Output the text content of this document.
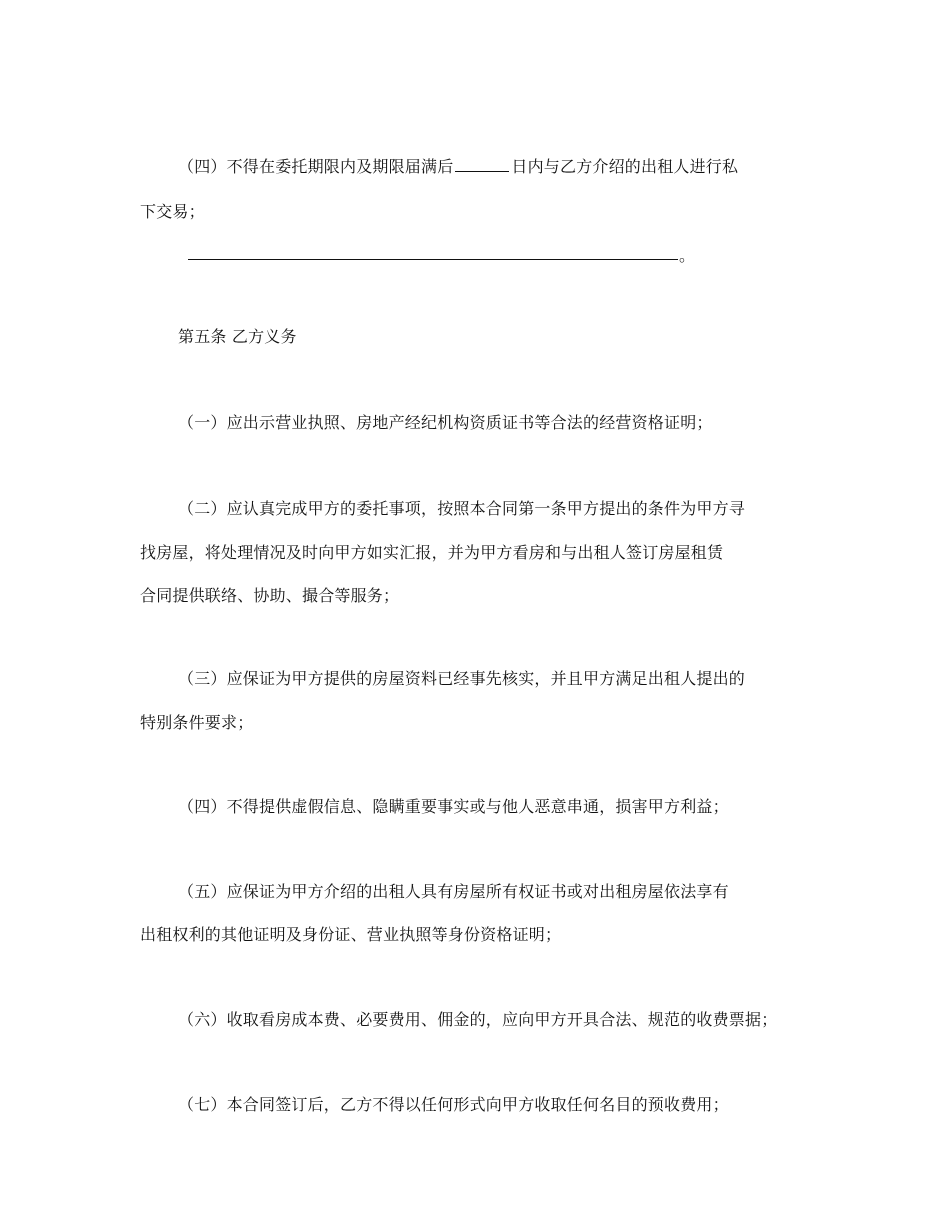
（四）不得在委托期限内及期限届满后	日内与乙方介绍的出租人进行私
下交易；
。
第五条 乙方义务
（一）应出示营业执照、房地产经纪机构资质证书等合法的经营资格证明；
（二）应认真完成甲方的委托事项，按照本合同第一条甲方提出的条件为甲方寻
找房屋，将处理情况及时向甲方如实汇报，并为甲方看房和与出租人签订房屋租赁
合同提供联络、协助、撮合等服务；
（三）应保证为甲方提供的房屋资料已经事先核实，并且甲方满足出租人提出的
特别条件要求；
（四）不得提供虚假信息、隐瞒重要事实或与他人恶意串通，损害甲方利益；
（五）应保证为甲方介绍的出租人具有房屋所有权证书或对出租房屋依法享有
出租权利的其他证明及身份证、营业执照等身份资格证明；
（六）收取看房成本费、必要费用、佣金的，应向甲方开具合法、规范的收费票据；
（七）本合同签订后，乙方不得以任何形式向甲方收取任何名目的预收费用；
